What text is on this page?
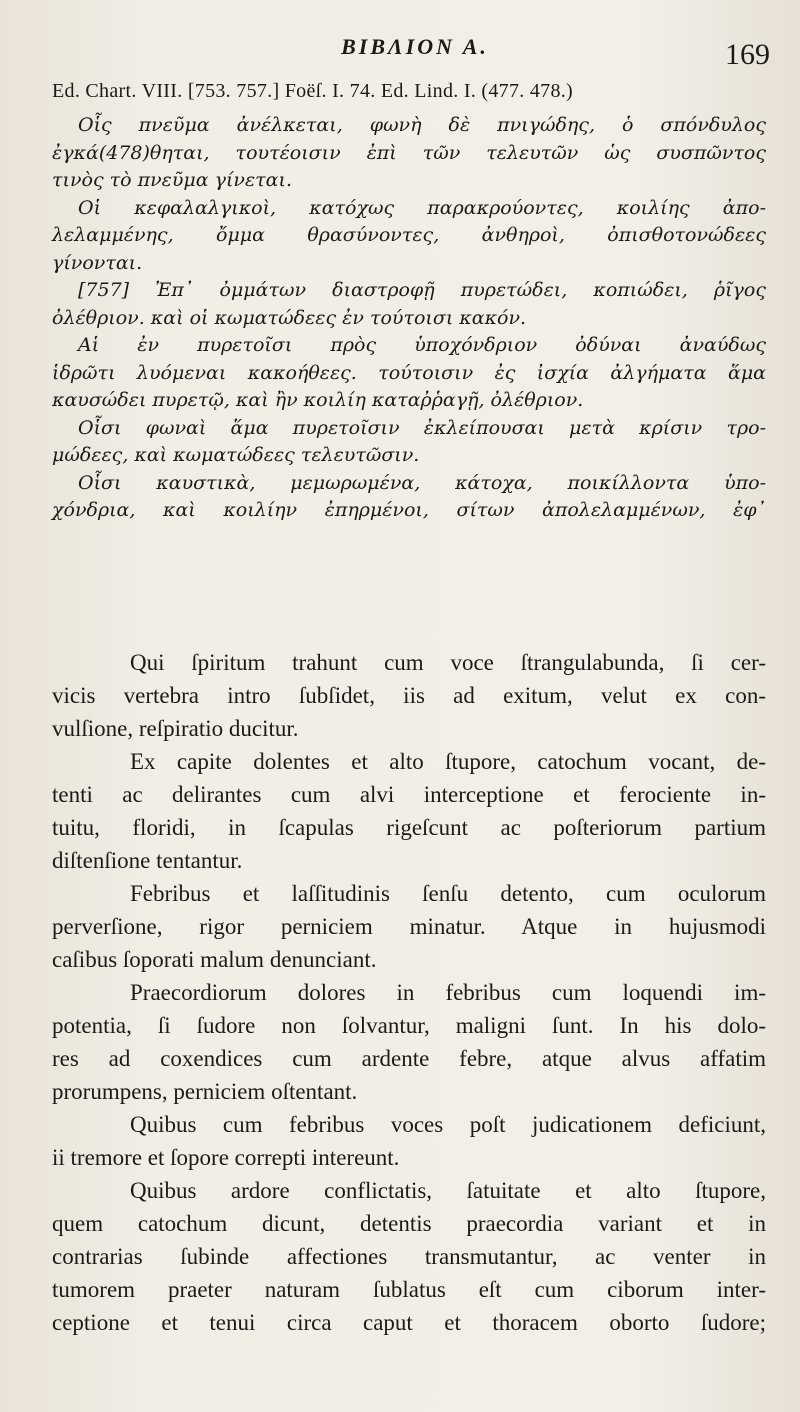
ΒΙΒΛΙΟΝ Α.	169
Ed. Chart. VIII. [753. 757.] Foëſ. I. 74. Ed. Lind. I. (477. 478.)
Οἷς πνεῦμα ἀνέλκεται, φωνὴ δὲ πνιγώδης, ὁ σπόνδυλος
ἐγκά(478)θηται, τουτέοισιν ἐπὶ τῶν τελευτῶν ὡς συσπῶντος
τινὸς τὸ πνεῦμα γίνεται.
Οἱ κεφαλαλγικοὶ, κατόχως παρακρούοντες, κοιλίης ἀπο-
λελαμμένης, ὄμμα θρασύνοντες, ἀνθηροὶ, ὀπισθοτονώδεες
γίνονται.
[757] Ἐπ᾽ ὀμμάτων διαστροφῇ πυρετώδει, κοπιώδει, ῥῖγος
ὀλέθριον. καὶ οἱ κωματώδεες ἐν τούτοισι κακόν.
Αἱ ἐν πυρετοῖσι πρὸς ὑποχόνδριον ὀδύναι ἀναύδως
ἱδρῶτι λυόμεναι κακοήθεες. τούτοισιν ἐς ἰσχία ἀλγήματα ἅμα
καυσώδει πυρετῷ, καὶ ἢν κοιλίη καταῤῥαγῇ, ὀλέθριον.
Οἷσι φωναὶ ἅμα πυρετοῖσιν ἐκλείπουσαι μετὰ κρίσιν τρο-
μώδεες, καὶ κωματώδεες τελευτῶσιν.
Οἷσι καυστικὰ, μεμωρωμένα, κάτοχα, ποικίλλοντα ὑπο-
χόνδρια, καὶ κοιλίην ἐπηρμένοι, σίτων ἀπολελαμμένων, ἐφ᾽
Qui ſpiritum trahunt cum voce ſtrangulabunda, ſi cer-
vicis vertebra intro ſubſidet, iis ad exitum, velut ex con-
vulſione, reſpiratio ducitur.
Ex capite dolentes et alto ſtupore, catochum vocant, de-
tenti ac delirantes cum alvi interceptione et ferociente in-
tuitu, floridi, in ſcapulas rigeſcunt ac poſteriorum partium
diſtenſione tentantur.
Febribus et laſſitudinis ſenſu detento, cum oculorum
perverſione, rigor perniciem minatur. Atque in hujusmodi
caſibus ſoporati malum denunciant.
Praecordiorum dolores in febribus cum loquendi im-
potentia, ſi ſudore non ſolvantur, maligni ſunt. In his dolo-
res ad coxendices cum ardente febre, atque alvus affatim
prorumpens, perniciem oſtentant.
Quibus cum febribus voces poſt judicationem deficiunt,
ii tremore et ſopore correpti intereunt.
Quibus ardore conflictatis, ſatuitate et alto ſtupore,
quem catochum dicunt, detentis praecordia variant et in
contrarias ſubinde affectiones transmutantur, ac venter in
tumorem praeter naturam ſublatus eſt cum ciborum inter-
ceptione et tenui circa caput et thoracem oborto ſudore;
